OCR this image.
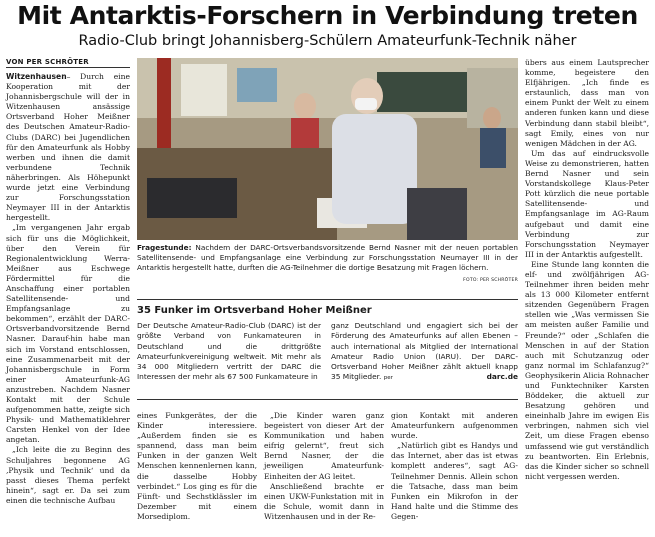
Mit Antarktis-Forschern in Verbindung treten
Radio-Club bringt Johannisberg-Schülern Amateurfunk-Technik näher
VON PER SCHRÖTER

Witzenhausen– Durch eine Kooperation mit der Johannisbergschule will der in Witzenhausen ansässige Ortsverband Hoher Meißner des Deutschen Amateur-Radio-Clubs (DARC) bei Jugendlichen für den Amateurfunk als Hobby werben und ihnen die damit verbundene Technik näherbringen. Als Höhepunkt wurde jetzt eine Verbindung zur Forschungsstation Neymayer III in der Antarktis hergestellt.

„Im vergangenen Jahr ergab sich für uns die Möglichkeit, über den Verein für Regionalentwicklung Werra-Meißner aus Eschwege Fördermittel für die Anschaffung einer portablen Satellitensende- und Empfangsanlage zu bekommen“, erzählt der DARC-Ortsverbandvorsitzende Bernd Nasner. Darauf-hin habe man sich im Vorstand entschlossen, eine Zusammenarbeit mit der Johannisbergschule in Form einer Amateurfunk-AG anzustreben. Nachdem Nasner Kontakt mit der Schule aufgenommen hatte, zeigte sich Physik- und Mathematiklehrer Carsten Henkel von der Idee angetan.

„Ich leite die zu Beginn des Schuljahres begonnene AG ‚Physik und Technik‘ und da passt dieses Thema perfekt hinein“, sagt er. Da sei zum einen die technische Aufbau

Fragestunde: Nachdem der DARC-Ortsverbandsvorsitzende Bernd Nasner mit der neuen portablen Satellitensende- und Empfangsanlage eine Verbindung zur Forschungsstation Neumayer III in der Antarktis hergestellt hatte, durften die AG-Teilnehmer die dortige Besatzung mit Fragen löchern.
FOTO: PER SCHRÖTER
35 Funker im Ortsverband Hoher Meißner

Der Deutsche Amateur-Radio-Club (DARC) ist der größte Verband von Funkamateuren in Deutschland und die drittgrößte Amateurfunkvereinigung weltweit. Mit mehr als 34 000 Mitgliedern vertritt der DARC die Interessen der mehr als 67 500 Funkamateure in

ganz Deutschland und engagiert sich bei der Förderung des Amateurfunks auf allen Ebenen – auch international als Mitglied der International Amateur Radio Union (IARU). Der DARC-Ortsverband Hoher Meißner zählt aktuell knapp 35 Mitglieder. per	darc.de

eines Funkgerätes, der die Kinder interessiere. „Außerdem finden sie es spannend, dass man beim Funken in der ganzen Welt Menschen kennenlernen kann, die dasselbe Hobby verbindet.“ Los ging es für die Fünft- und Sechstklässler im Dezember mit einem Morsediplom.

„Die Kinder waren ganz begeistert von dieser Art der Kommunikation und haben eifrig gelernt“, freut sich Bernd Nasner, der die jeweiligen Amateurfunk-Einheiten der AG leitet.

Anschließend brachte er einen UKW-Funkstation mit in die Schule, womit dann in Witzenhausen und in der Re-

gion Kontakt mit anderen Amateurfunkern aufgenommen wurde.

„Natürlich gibt es Handys und das Internet, aber das ist etwas komplett anderes“, sagt AG-Teilnehmer Dennis. Allein schon die Tatsache, dass man beim Funken ein Mikrofon in der Hand halte und die Stimme des Gegen-

übers aus einem Lautsprecher komme, begeistere den Elfjährigen. „Ich finde es erstaunlich, dass man von einem Punkt der Welt zu einem anderen funken kann und diese Verbindung dann stabil bleibt“, sagt Emily, eines von nur wenigen Mädchen in der AG.

Um das auf eindrucksvolle Weise zu demonstrieren, hatten Bernd Nasner und sein Vorstandskollege Klaus-Peter Pott kürzlich die neue portable Satellitensende- und Empfangsanlage im AG-Raum aufgebaut und damit eine Verbindung zur Forschungsstation Neymayer III in der Antarktis aufgestellt.

Eine Stunde lang konnten die elf- und zwölfjährigen AG-Teilnehmer ihren beiden mehr als 13 000 Kilometer entfernt sitzenden Gegenübern Fragen stellen wie „Was vermissen Sie am meisten außer Familie und Freunde?“ oder „Schlafen die Menschen in auf der Station auch mit Schutzanzug oder ganz normal im Schlafanzug?“ Geophysikerin Alicia Rohnacher und Funktechniker Karsten Böddeker, die aktuell zur Besatzung gehören und eineinhalb Jahre im ewigen Eis verbringen, nahmen sich viel Zeit, um diese Fragen ebenso umfassend wie gut verständlich zu beantworten. Ein Erlebnis, das die Kinder sicher so schnell nicht vergessen werden.
